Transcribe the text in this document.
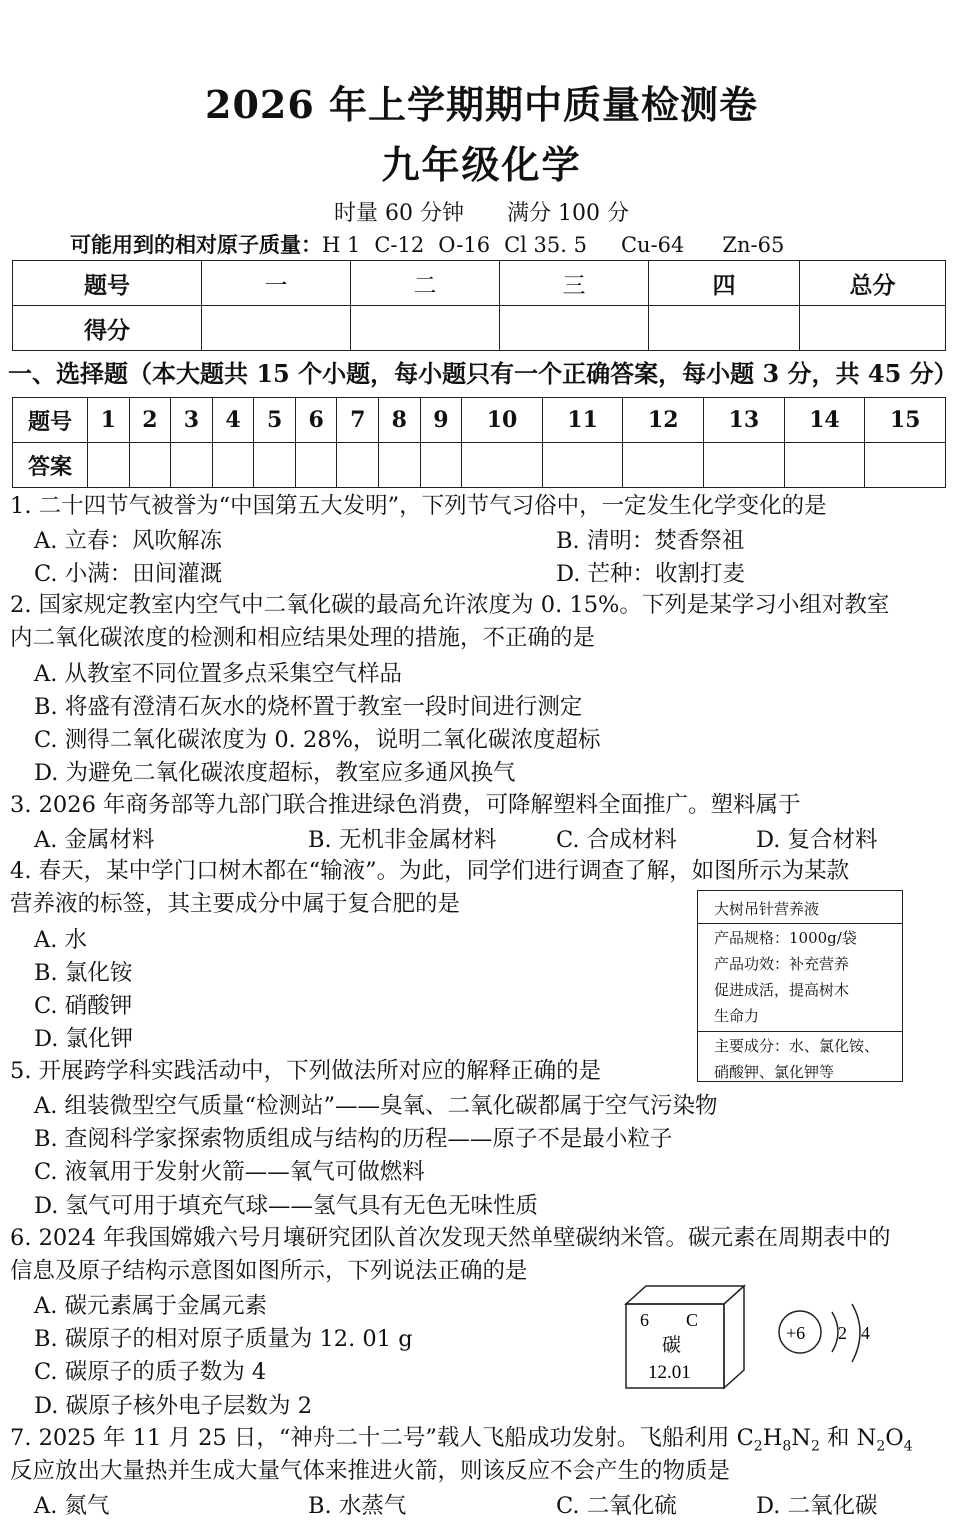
2026 年上学期期中质量检测卷
九年级化学
时量 60 分钟 满分 100 分
可能用到的相对原子质量：H 1 C-12 O-16 Cl 35. 5 Cu-64 Zn-65
题号	一	二	三	四	总分
得分					
一、选择题（本大题共 15 个小题，每小题只有一个正确答案，每小题 3 分，共 45 分）
题号	1	2	3	4	5	6	7	8	9	10	11	12	13	14	15
答案															
1. 二十四节气被誉为“中国第五大发明”，下列节气习俗中，一定发生化学变化的是
A. 立春：风吹解冻	B. 清明：焚香祭祖
C. 小满：田间灌溉	D. 芒种：收割打麦
2. 国家规定教室内空气中二氧化碳的最高允许浓度为 0. 15%。下列是某学习小组对教室
内二氧化碳浓度的检测和相应结果处理的措施，不正确的是
A. 从教室不同位置多点采集空气样品
B. 将盛有澄清石灰水的烧杯置于教室一段时间进行测定
C. 测得二氧化碳浓度为 0. 28%，说明二氧化碳浓度超标
D. 为避免二氧化碳浓度超标，教室应多通风换气
3. 2026 年商务部等九部门联合推进绿色消费，可降解塑料全面推广。塑料属于
A. 金属材料	B. 无机非金属材料	C. 合成材料	D. 复合材料
4. 春天，某中学门口树木都在“输液”。为此，同学们进行调查了解，如图所示为某款
营养液的标签，其主要成分中属于复合肥的是
A. 水
B. 氯化铵
C. 硝酸钾
D. 氯化钾
大树吊针营养液
产品规格：1000g/袋
产品功效：补充营养
促进成活，提高树木
生命力
主要成分：水、氯化铵、
硝酸钾、氯化钾等
5. 开展跨学科实践活动中，下列做法所对应的解释正确的是
A. 组装微型空气质量“检测站”——臭氧、二氧化碳都属于空气污染物
B. 查阅科学家探索物质组成与结构的历程——原子不是最小粒子
C. 液氧用于发射火箭——氧气可做燃料
D. 氢气可用于填充气球——氢气具有无色无味性质
6. 2024 年我国嫦娥六号月壤研究团队首次发现天然单壁碳纳米管。碳元素在周期表中的
信息及原子结构示意图如图所示，下列说法正确的是
A. 碳元素属于金属元素
B. 碳原子的相对原子质量为 12. 01 g
C. 碳原子的质子数为 4
D. 碳原子核外电子层数为 2
6 C
碳
12.01
+6 2 4
7. 2025 年 11 月 25 日，“神舟二十二号”载人飞船成功发射。飞船利用 $C_2H_8N_2$ 和 $N_2O_4$
反应放出大量热并生成大量气体来推进火箭，则该反应不会产生的物质是
A. 氮气	B. 水蒸气	C. 二氧化硫	D. 二氧化碳
